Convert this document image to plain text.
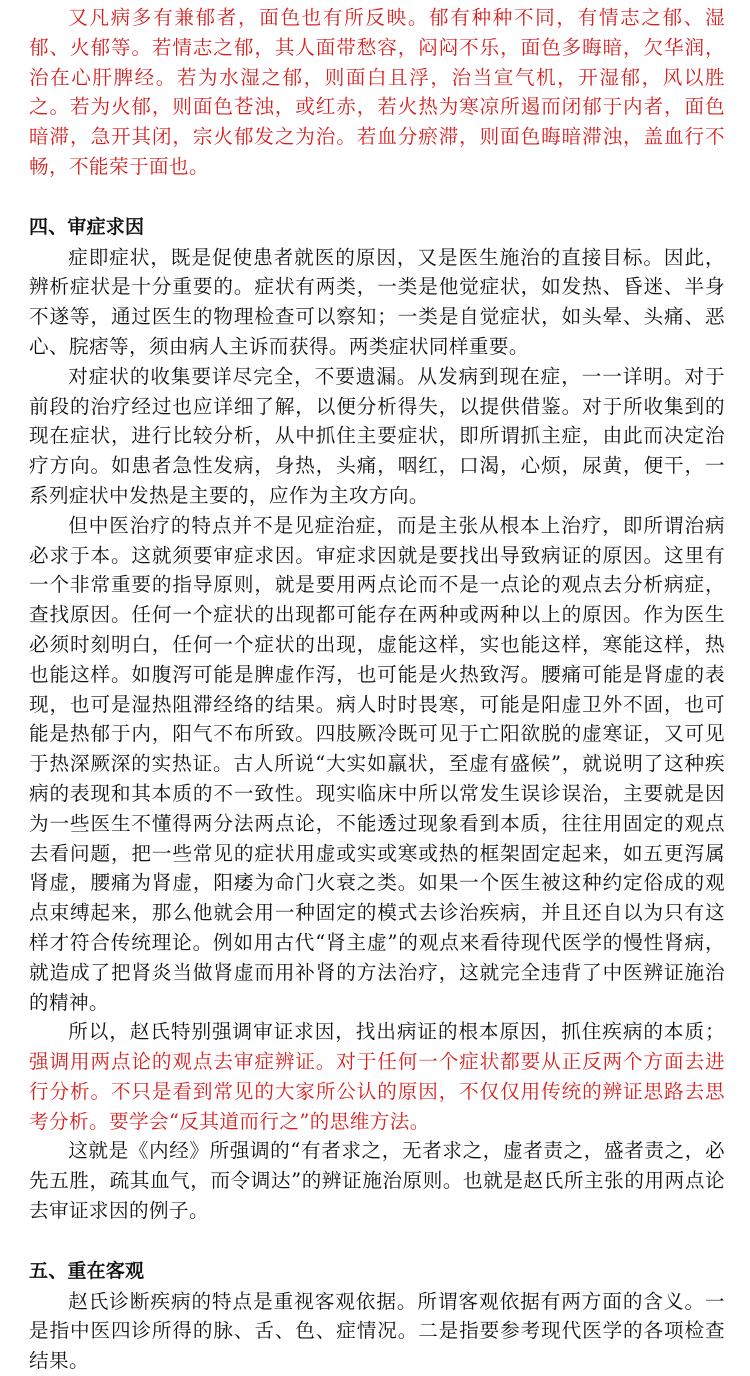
又凡病多有兼郁者，面色也有所反映。郁有种种不同，有情志之郁、湿郁、火郁等。若情志之郁，其人面带愁容，闷闷不乐，面色多晦暗，欠华润，治在心肝脾经。若为水湿之郁，则面白且浮，治当宣气机，开湿郁，风以胜之。若为火郁，则面色苍浊，或红赤，若火热为寒凉所遏而闭郁于内者，面色暗滞，急开其闭，宗火郁发之为治。若血分瘀滞，则面色晦暗滞浊，盖血行不畅，不能荣于面也。

四、审症求因

症即症状，既是促使患者就医的原因，又是医生施治的直接目标。因此，辨析症状是十分重要的。症状有两类，一类是他觉症状，如发热、昏迷、半身不遂等，通过医生的物理检查可以察知；一类是自觉症状，如头晕、头痛、恶心、脘痞等，须由病人主诉而获得。两类症状同样重要。

对症状的收集要详尽完全，不要遗漏。从发病到现在症，一一详明。对于前段的治疗经过也应详细了解，以便分析得失，以提供借鉴。对于所收集到的现在症状，进行比较分析，从中抓住主要症状，即所谓抓主症，由此而决定治疗方向。如患者急性发病，身热，头痛，咽红，口渴，心烦，尿黄，便干，一系列症状中发热是主要的，应作为主攻方向。

但中医治疗的特点并不是见症治症，而是主张从根本上治疗，即所谓治病必求于本。这就须要审症求因。审症求因就是要找出导致病证的原因。这里有一个非常重要的指导原则，就是要用两点论而不是一点论的观点去分析病症，查找原因。任何一个症状的出现都可能存在两种或两种以上的原因。作为医生必须时刻明白，任何一个症状的出现，虚能这样，实也能这样，寒能这样，热也能这样。如腹泻可能是脾虚作泻，也可能是火热致泻。腰痛可能是肾虚的表现，也可是湿热阻滞经络的结果。病人时时畏寒，可能是阳虚卫外不固，也可能是热郁于内，阳气不布所致。四肢厥冷既可见于亡阳欲脱的虚寒证，又可见于热深厥深的实热证。古人所说“大实如羸状，至虚有盛候”，就说明了这种疾病的表现和其本质的不一致性。现实临床中所以常发生误诊误治，主要就是因为一些医生不懂得两分法两点论，不能透过现象看到本质，往往用固定的观点去看问题，把一些常见的症状用虚或实或寒或热的框架固定起来，如五更泻属肾虚，腰痛为肾虚，阳痿为命门火衰之类。如果一个医生被这种约定俗成的观点束缚起来，那么他就会用一种固定的模式去诊治疾病，并且还自以为只有这样才符合传统理论。例如用古代“肾主虚”的观点来看待现代医学的慢性肾病，就造成了把肾炎当做肾虚而用补肾的方法治疗，这就完全违背了中医辨证施治的精神。

所以，赵氏特别强调审证求因，找出病证的根本原因，抓住疾病的本质；强调用两点论的观点去审症辨证。对于任何一个症状都要从正反两个方面去进行分析。不只是看到常见的大家所公认的原因，不仅仅用传统的辨证思路去思考分析。要学会“反其道而行之”的思维方法。

这就是《内经》所强调的“有者求之，无者求之，虚者责之，盛者责之，必先五胜，疏其血气，而令调达”的辨证施治原则。也就是赵氏所主张的用两点论去审证求因的例子。

五、重在客观

赵氏诊断疾病的特点是重视客观依据。所谓客观依据有两方面的含义。一是指中医四诊所得的脉、舌、色、症情况。二是指要参考现代医学的各项检查结果。
